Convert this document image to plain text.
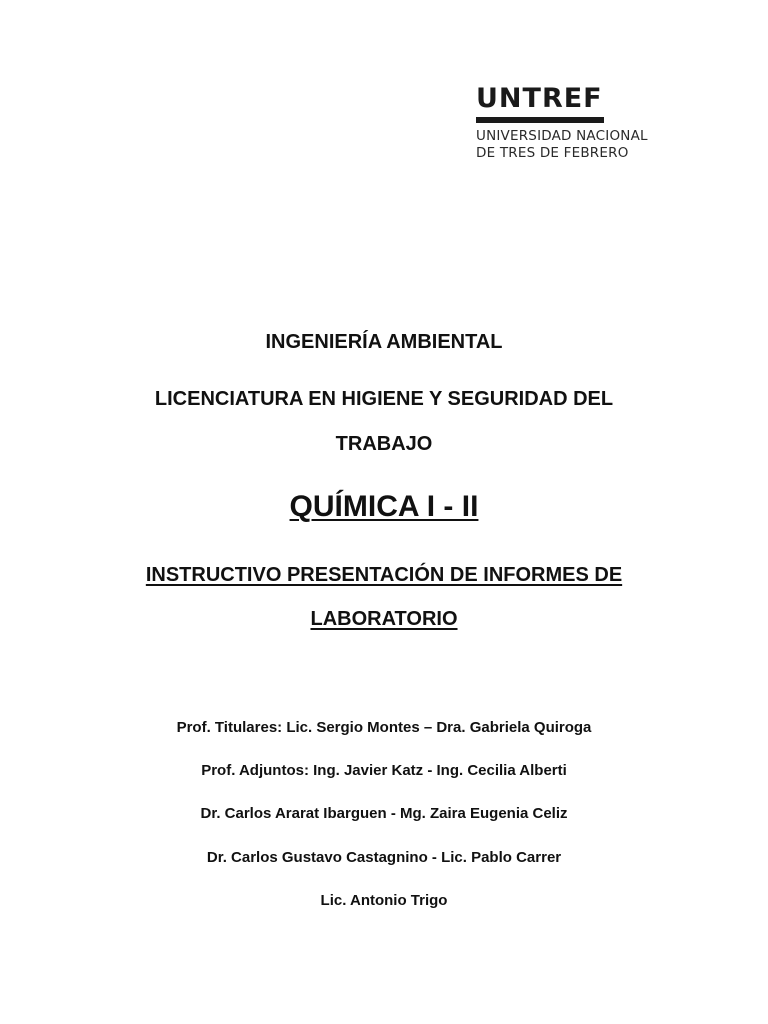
UNTREF
UNIVERSIDAD NACIONAL
DE TRES DE FEBRERO
INGENIERÍA AMBIENTAL
LICENCIATURA EN HIGIENE Y SEGURIDAD DEL
TRABAJO
QUÍMICA I - II
INSTRUCTIVO PRESENTACIÓN DE INFORMES DE
LABORATORIO
Prof. Titulares: Lic. Sergio Montes – Dra. Gabriela Quiroga
Prof. Adjuntos: Ing. Javier Katz - Ing. Cecilia Alberti
Dr. Carlos Ararat Ibarguen - Mg. Zaira Eugenia Celiz
Dr. Carlos Gustavo Castagnino - Lic. Pablo Carrer
Lic. Antonio Trigo
